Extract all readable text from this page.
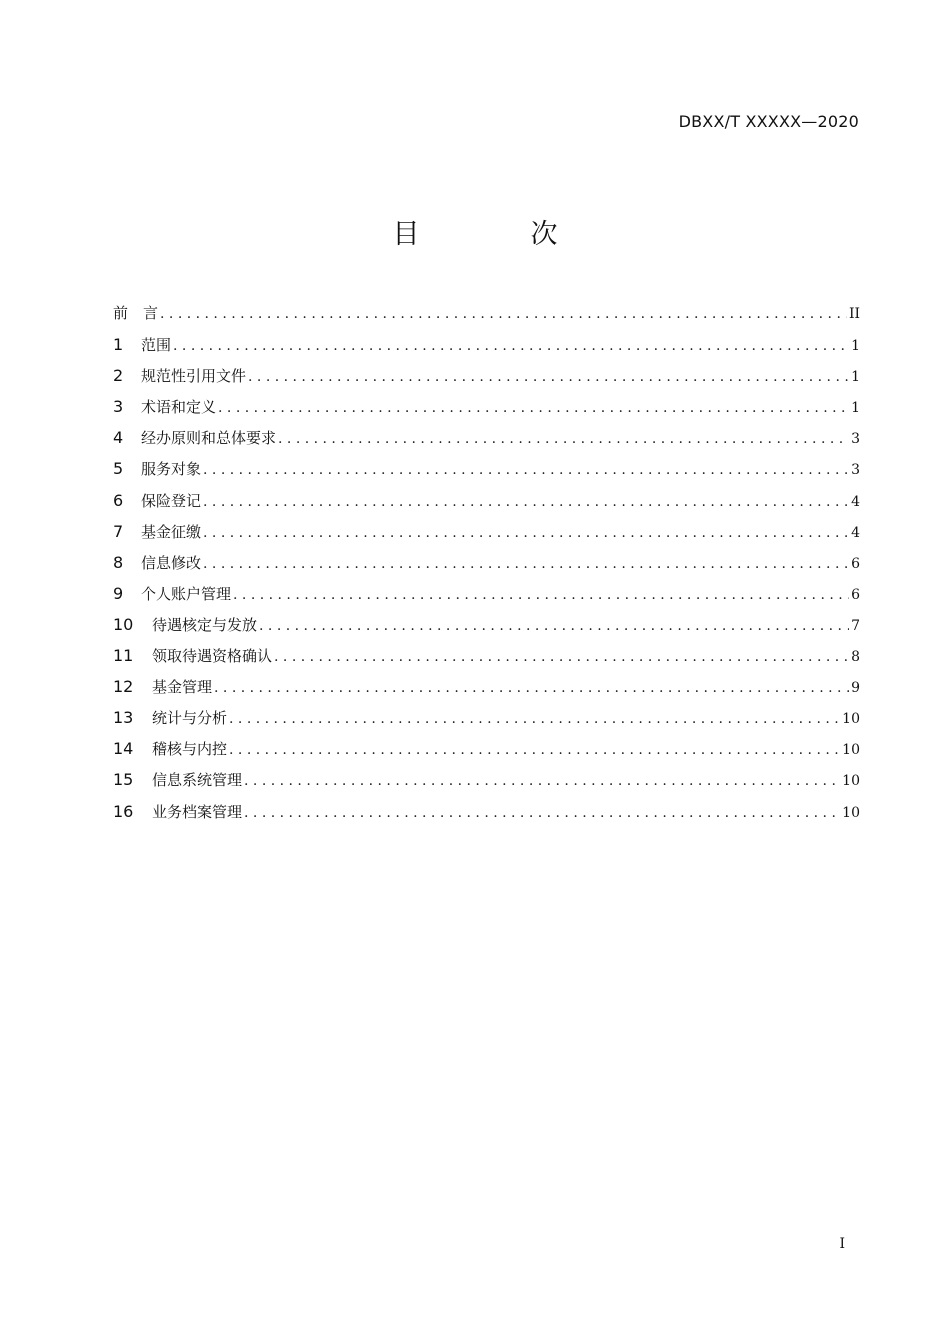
DBXX/T XXXXX—2020
目　次
前　言 . . .	II
1	范围 . . .	1
2	规范性引用文件 . . .	1
3	术语和定义 . . .	1
4	经办原则和总体要求 . . .	3
5	服务对象 . . .	3
6	保险登记 . . .	4
7	基金征缴 . . .	4
8	信息修改 . . .	6
9	个人账户管理 . . .	6
10	待遇核定与发放 . . .	7
11	领取待遇资格确认 . . .	8
12	基金管理 . . .	9
13	统计与分析 . . .	10
14	稽核与内控 . . .	10
15	信息系统管理 . . .	10
16	业务档案管理 . . .	10
I
